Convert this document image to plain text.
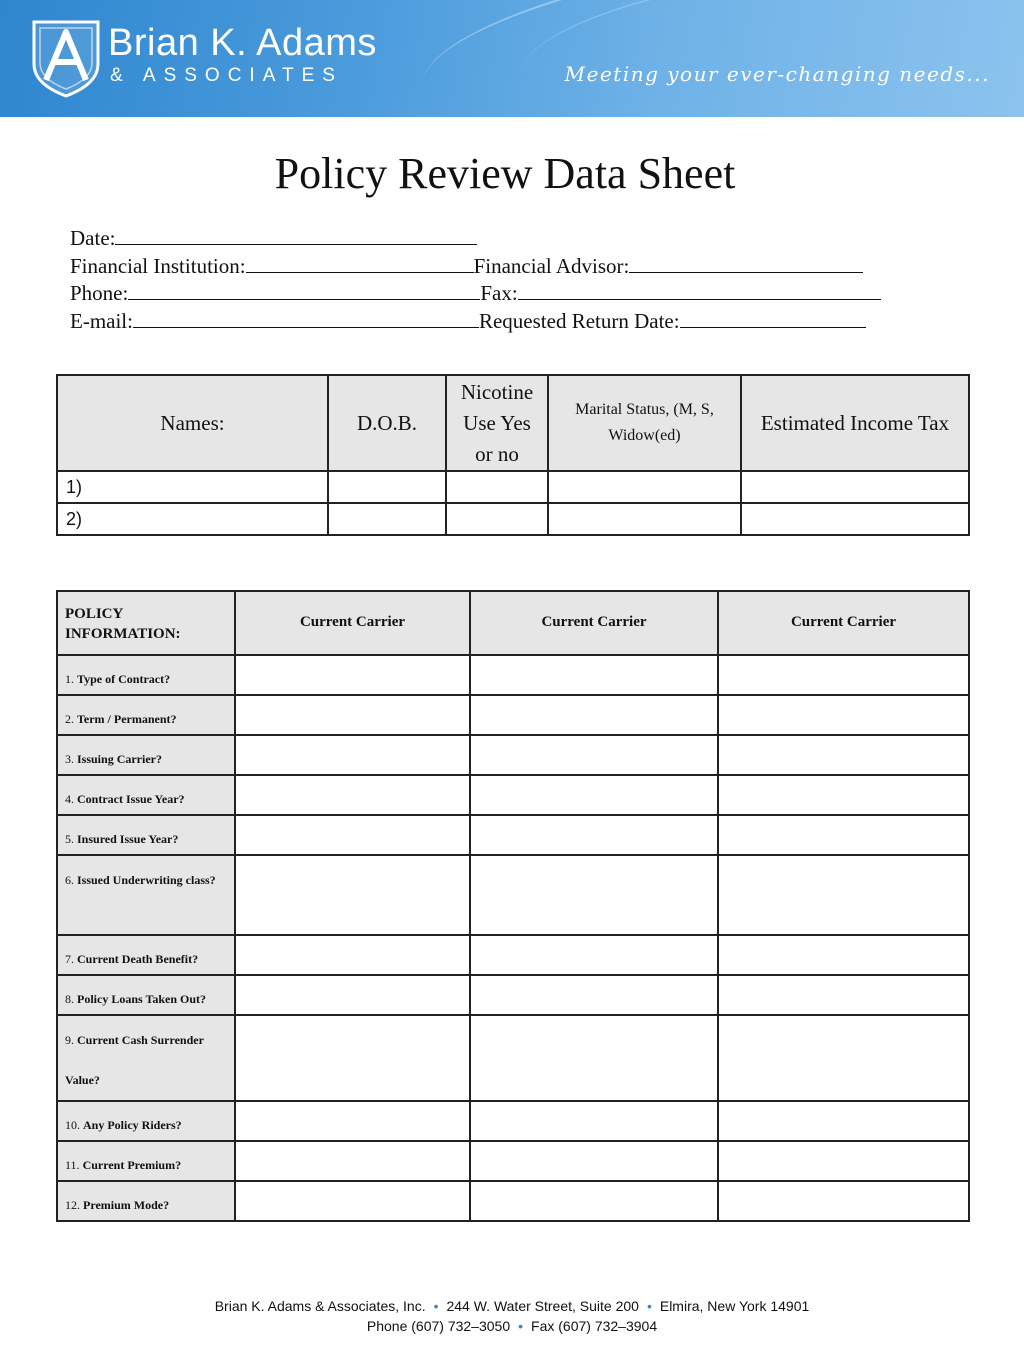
Brian K. Adams
& ASSOCIATES	Meeting your ever-changing needs...
Policy Review Data Sheet
Date:
Financial Institution:	Financial Advisor:
Phone:	Fax:
E-mail:	Requested Return Date:
Names:	D.O.B.	Nicotine Use Yes or no	Marital Status, (M, S, Widow(ed)	Estimated Income Tax
1)				
2)				
POLICY INFORMATION:	Current Carrier	Current Carrier	Current Carrier
1. Type of Contract?			
2. Term / Permanent?			
3. Issuing Carrier?			
4. Contract Issue Year?			
5. Insured Issue Year?			
6. Issued Underwriting class?			
7. Current Death Benefit?			
8. Policy Loans Taken Out?			
9. Current Cash Surrender Value?			
10. Any Policy Riders?			
11. Current Premium?			
12. Premium Mode?			
Brian K. Adams & Associates, Inc. • 244 W. Water Street, Suite 200 • Elmira, New York 14901
Phone (607) 732–3050 • Fax (607) 732–3904
